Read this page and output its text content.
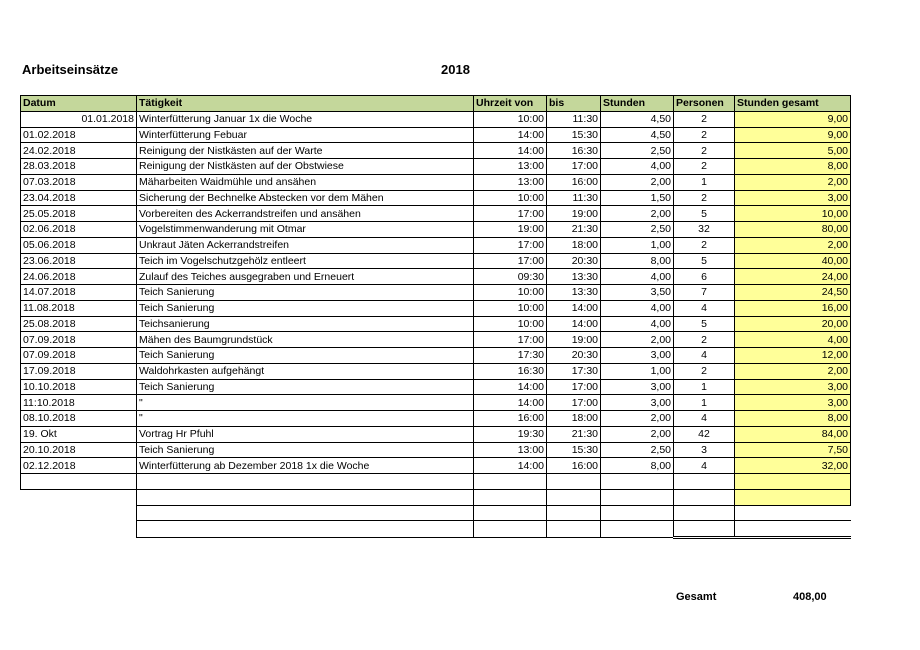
Arbeitseinsätze	2018
Datum	Tätigkeit	Uhrzeit von	bis	Stunden	Personen	Stunden gesamt
01.01.2018	Winterfütterung Januar 1x die Woche	10:00	11:30	4,50	2	9,00
01.02.2018	Winterfütterung Febuar	14:00	15:30	4,50	2	9,00
24.02.2018	Reinigung der Nistkästen auf der Warte	14:00	16:30	2,50	2	5,00
28.03.2018	Reinigung der Nistkästen auf der Obstwiese	13:00	17:00	4,00	2	8,00
07.03.2018	Mäharbeiten Waidmühle und ansähen	13:00	16:00	2,00	1	2,00
23.04.2018	Sicherung der Bechnelke Abstecken vor dem Mähen	10:00	11:30	1,50	2	3,00
25.05.2018	Vorbereiten des Ackerrandstreifen und ansähen	17:00	19:00	2,00	5	10,00
02.06.2018	Vogelstimmenwanderung mit Otmar	19:00	21:30	2,50	32	80,00
05.06.2018	Unkraut Jäten Ackerrandstreifen	17:00	18:00	1,00	2	2,00
23.06.2018	Teich im Vogelschutzgehölz entleert	17:00	20:30	8,00	5	40,00
24.06.2018	Zulauf des Teiches ausgegraben und Erneuert	09:30	13:30	4,00	6	24,00
14.07.2018	Teich Sanierung	10:00	13:30	3,50	7	24,50
11.08.2018	Teich Sanierung	10:00	14:00	4,00	4	16,00
25.08.2018	Teichsanierung	10:00	14:00	4,00	5	20,00
07.09.2018	Mähen des Baumgrundstück	17:00	19:00	2,00	2	4,00
07.09.2018	Teich Sanierung	17:30	20:30	3,00	4	12,00
17.09.2018	Waldohrkasten aufgehängt	16:30	17:30	1,00	2	2,00
10.10.2018	Teich Sanierung	14:00	17:00	3,00	1	3,00
11:10.2018	"	14:00	17:00	3,00	1	3,00
08.10.2018	"	16:00	18:00	2,00	4	8,00
19. Okt	Vortrag Hr Pfuhl	19:30	21:30	2,00	42	84,00
20.10.2018	Teich Sanierung	13:00	15:30	2,50	3	7,50
02.12.2018	Winterfütterung ab Dezember 2018 1x die Woche	14:00	16:00	8,00	4	32,00

Gesamt	408,00
